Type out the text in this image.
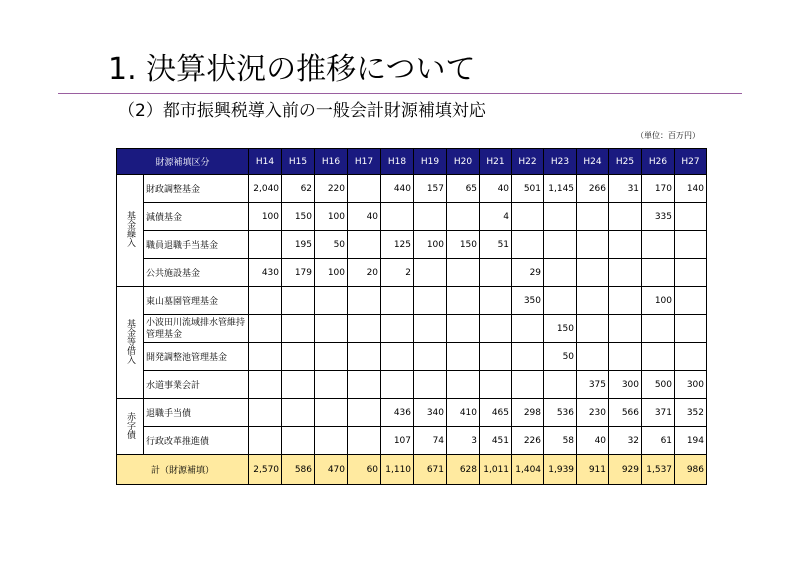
1. 決算状況の推移について
（2）都市振興税導入前の一般会計財源補填対応
（単位：百万円）
財源補填区分		H14	H15	H16	H17	H18	H19	H20	H21	H22	H23	H24	H25	H26	H27
基金繰入	財政調整基金	2,040	62	220		440	157	65	40	501	1,145	266	31	170	140
	減債基金	100	150	100	40				4					335	
	職員退職手当基金		195	50		125	100	150	51						
	公共施設基金	430	179	100	20	2				29					
基金等借入	東山墓園管理基金									350				100	
	小波田川流域排水管維持管理基金										150				
	開発調整池管理基金										50				
	水道事業会計											375	300	500	300
赤字債	退職手当債					436	340	410	465	298	536	230	566	371	352
	行政改革推進債					107	74	3	451	226	58	40	32	61	194
計（財源補填）		2,570	586	470	60	1,110	671	628	1,011	1,404	1,939	911	929	1,537	986
